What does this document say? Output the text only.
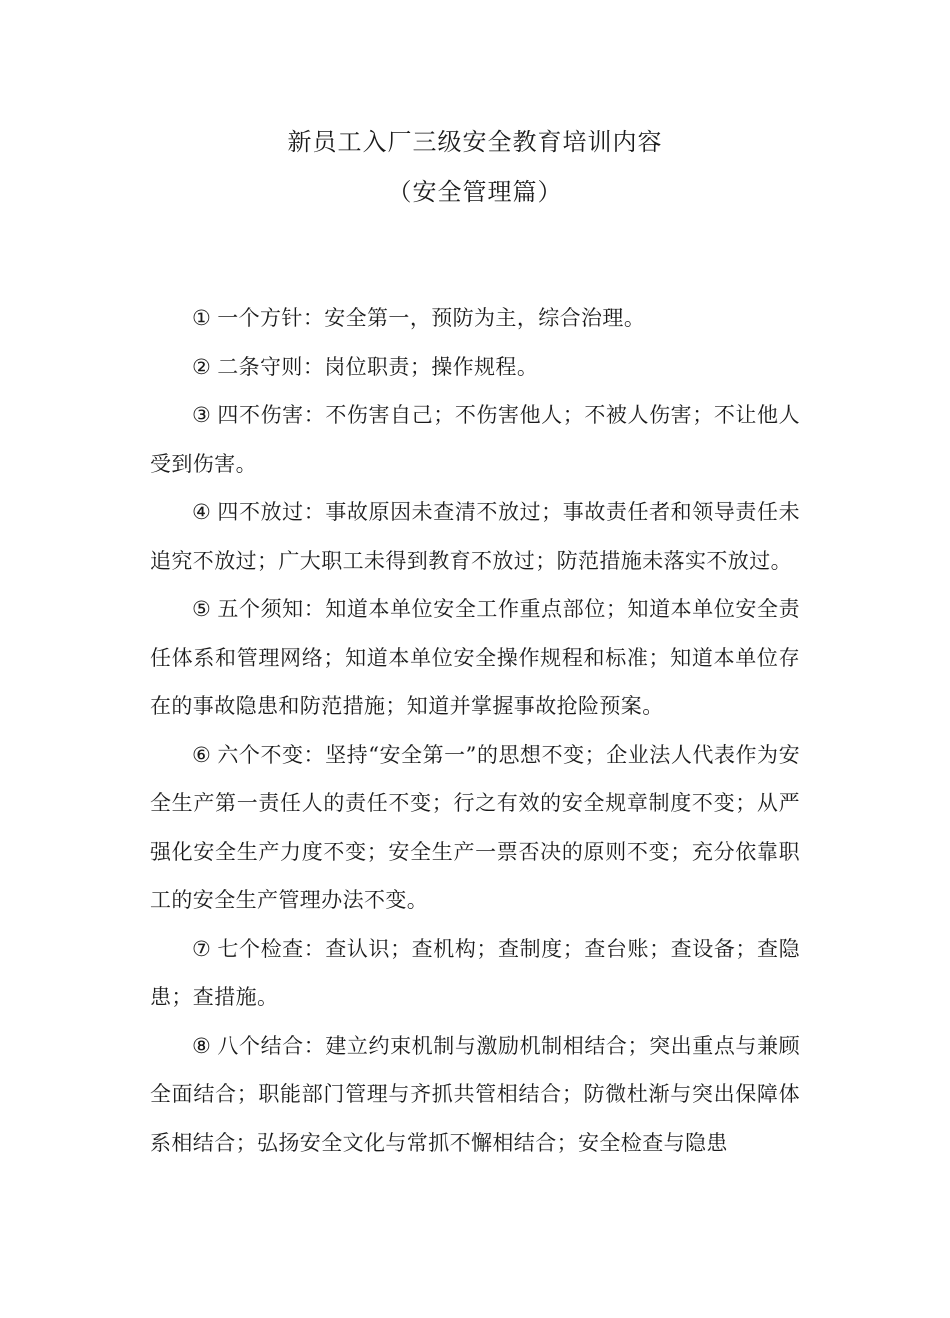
新员工入厂三级安全教育培训内容
（安全管理篇）

① 一个方针：安全第一，预防为主，综合治理。

② 二条守则：岗位职责；操作规程。

③ 四不伤害：不伤害自己；不伤害他人；不被人伤害；不让他人受到伤害。

④ 四不放过：事故原因未查清不放过；事故责任者和领导责任未追究不放过；广大职工未得到教育不放过；防范措施未落实不放过。

⑤ 五个须知：知道本单位安全工作重点部位；知道本单位安全责任体系和管理网络；知道本单位安全操作规程和标准；知道本单位存在的事故隐患和防范措施；知道并掌握事故抢险预案。

⑥ 六个不变：坚持“安全第一”的思想不变；企业法人代表作为安全生产第一责任人的责任不变；行之有效的安全规章制度不变；从严强化安全生产力度不变；安全生产一票否决的原则不变；充分依靠职工的安全生产管理办法不变。

⑦ 七个检查：查认识；查机构；查制度；查台账；查设备；查隐患；查措施。

⑧ 八个结合：建立约束机制与激励机制相结合；突出重点与兼顾全面结合；职能部门管理与齐抓共管相结合；防微杜渐与突出保障体系相结合；弘扬安全文化与常抓不懈相结合；安全检查与隐患
